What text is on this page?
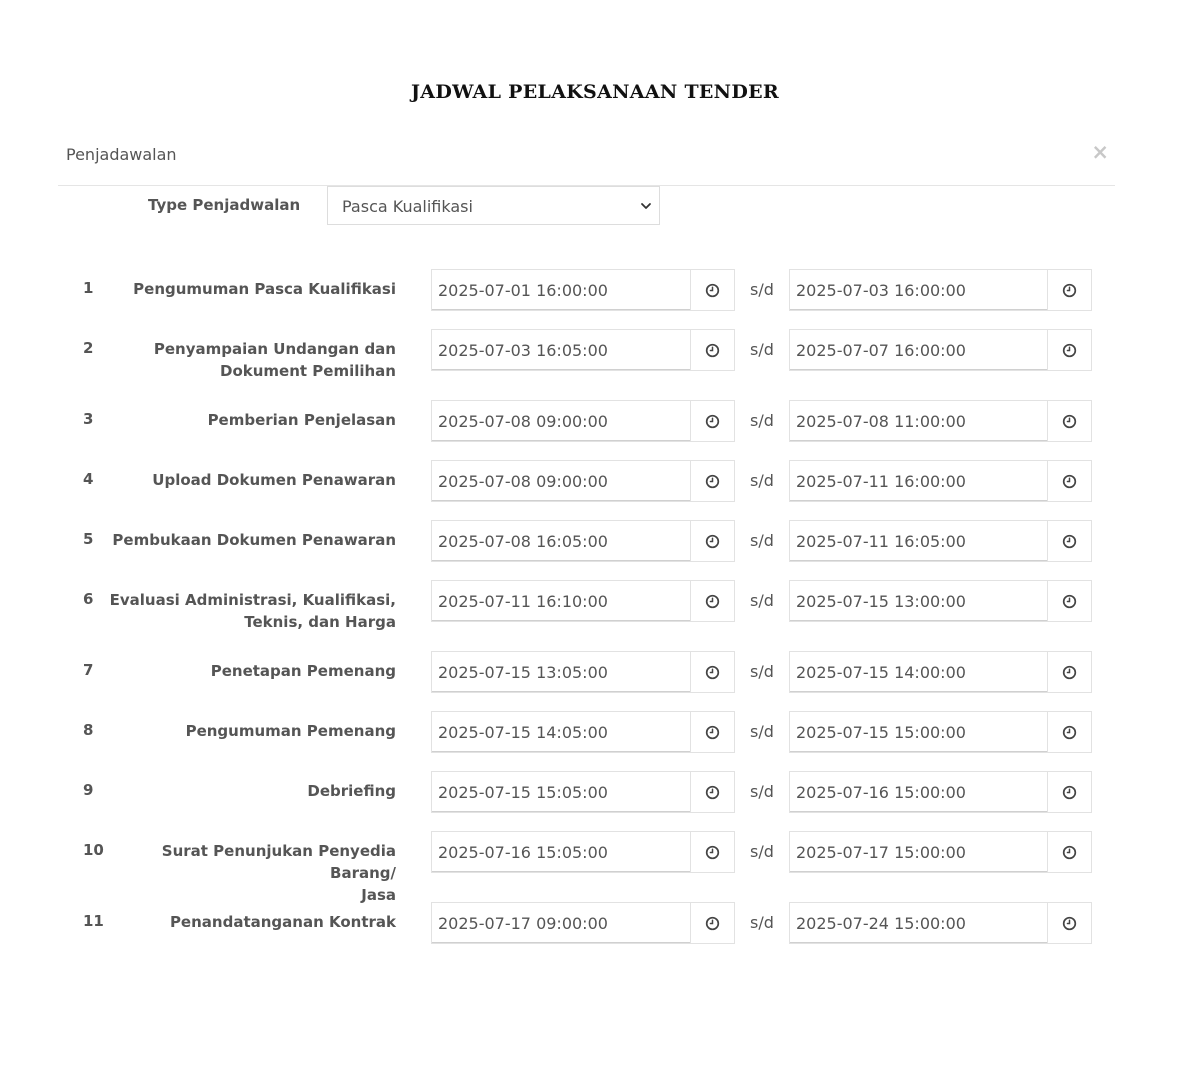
JADWAL PELAKSANAAN TENDER
Penjadawalan	×
Type Penjadwalan	Pasca Kualifikasi
1	Pengumuman Pasca Kualifikasi	2025-07-01 16:00:00	s/d 2025-07-03 16:00:00
2	Penyampaian Undangan dan
Dokument Pemilihan
2025-07-03 16:05:00	s/d 2025-07-07 16:00:00
3	Pemberian Penjelasan	2025-07-08 09:00:00	s/d 2025-07-08 11:00:00
4	Upload Dokumen Penawaran	2025-07-08 09:00:00	s/d 2025-07-11 16:00:00
5	Pembukaan Dokumen Penawaran	2025-07-08 16:05:00	s/d 2025-07-11 16:05:00
6 Evaluasi Administrasi, Kualifikasi,
Teknis, dan Harga
2025-07-11 16:10:00	s/d 2025-07-15 13:00:00
7	Penetapan Pemenang	2025-07-15 13:05:00	s/d 2025-07-15 14:00:00
8	Pengumuman Pemenang	2025-07-15 14:05:00	s/d 2025-07-15 15:00:00
9	Debriefing	2025-07-15 15:05:00	s/d 2025-07-16 15:00:00
10	Surat Penunjukan Penyedia Barang/
Jasa
2025-07-16 15:05:00	s/d 2025-07-17 15:00:00
11	Penandatanganan Kontrak	2025-07-17 09:00:00	s/d 2025-07-24 15:00:00
